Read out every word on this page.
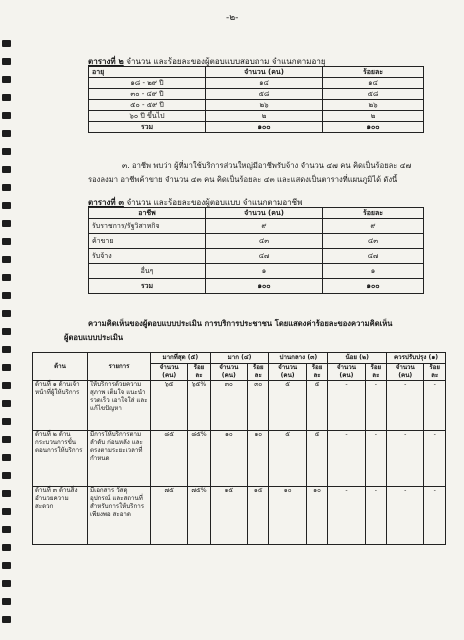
-๒-
ตารางที่ ๒ จำนวน และร้อยละของผู้ตอบแบบสอบถาม จำแนกตามอายุ
อายุ	จำนวน (คน)	ร้อยละ
๑๘ - ๒๙ ปี	๑๔	๑๔
๓๐ - ๔๙ ปี	๕๘	๕๘
๕๐ - ๕๙ ปี	๒๖	๒๖
๖๐ ปี ขึ้นไป	๒	๒
รวม	๑๐๐	๑๐๐
๓. อาชีพ พบว่า ผู้ที่มาใช้บริการส่วนใหญ่มีอาชีพรับจ้าง จำนวน ๔๗ คน คิดเป็นร้อยละ ๔๗
รองลงมา อาชีพค้าขาย จำนวน ๔๓ คน คิดเป็นร้อยละ ๔๓ และแสดงเป็นตารางที่แผนภูมิได้ ดังนี้
ตารางที่ ๓ จำนวน และร้อยละของผู้ตอบแบบ จำแนกตามอาชีพ
อาชีพ	จำนวน (คน)	ร้อยละ
รับราชการ/รัฐวิสาหกิจ	๙	๙
ค้าขาย	๔๓	๔๓
รับจ้าง	๔๗	๔๗
อื่นๆ	๑	๑
รวม	๑๐๐	๑๐๐
ความคิดเห็นของผู้ตอบแบบประเมิน การบริการประชาชน โดยแสดงค่าร้อยละของความคิดเห็น
ผู้ตอบแบบประเมิน
ด้าน	รายการ	มากที่สุด (๕)		มาก (๔)		ปานกลาง (๓)		น้อย (๒)		ควรปรับปรุง (๑)	
		จำนวน (คน)	ร้อยละ	จำนวน (คน)	ร้อยละ	จำนวน (คน)	ร้อยละ	จำนวน (คน)	ร้อยละ	จำนวน (คน)	ร้อยละ
ด้านที่ ๑ ด้านเจ้าหน้าที่ผู้ให้บริการ	ให้บริการด้วยความสุภาพ เต็มใจ แนะนำ รวดเร็ว เอาใจใส่ และแก้ไขปัญหา	๖๕	๖๕%	๓๐	๓๐	๕	๕	-	-	-	-
ด้านที่ ๒ ด้านกระบวนการขั้นตอนการให้บริการ	มีการให้บริการตามลำดับ ก่อนหลัง และตรงตามระยะเวลาที่กำหนด	๘๕	๘๕%	๑๐	๑๐	๕	๕	-	-	-	-
ด้านที่ ๓ ด้านสิ่งอำนวยความสะดวก	มีเอกสาร วัสดุ อุปกรณ์ และสถานที่สำหรับการให้บริการเพียงพอ สะอาด	๗๕	๗๕%	๑๕	๑๕	๑๐	๑๐	-	-	-	-
